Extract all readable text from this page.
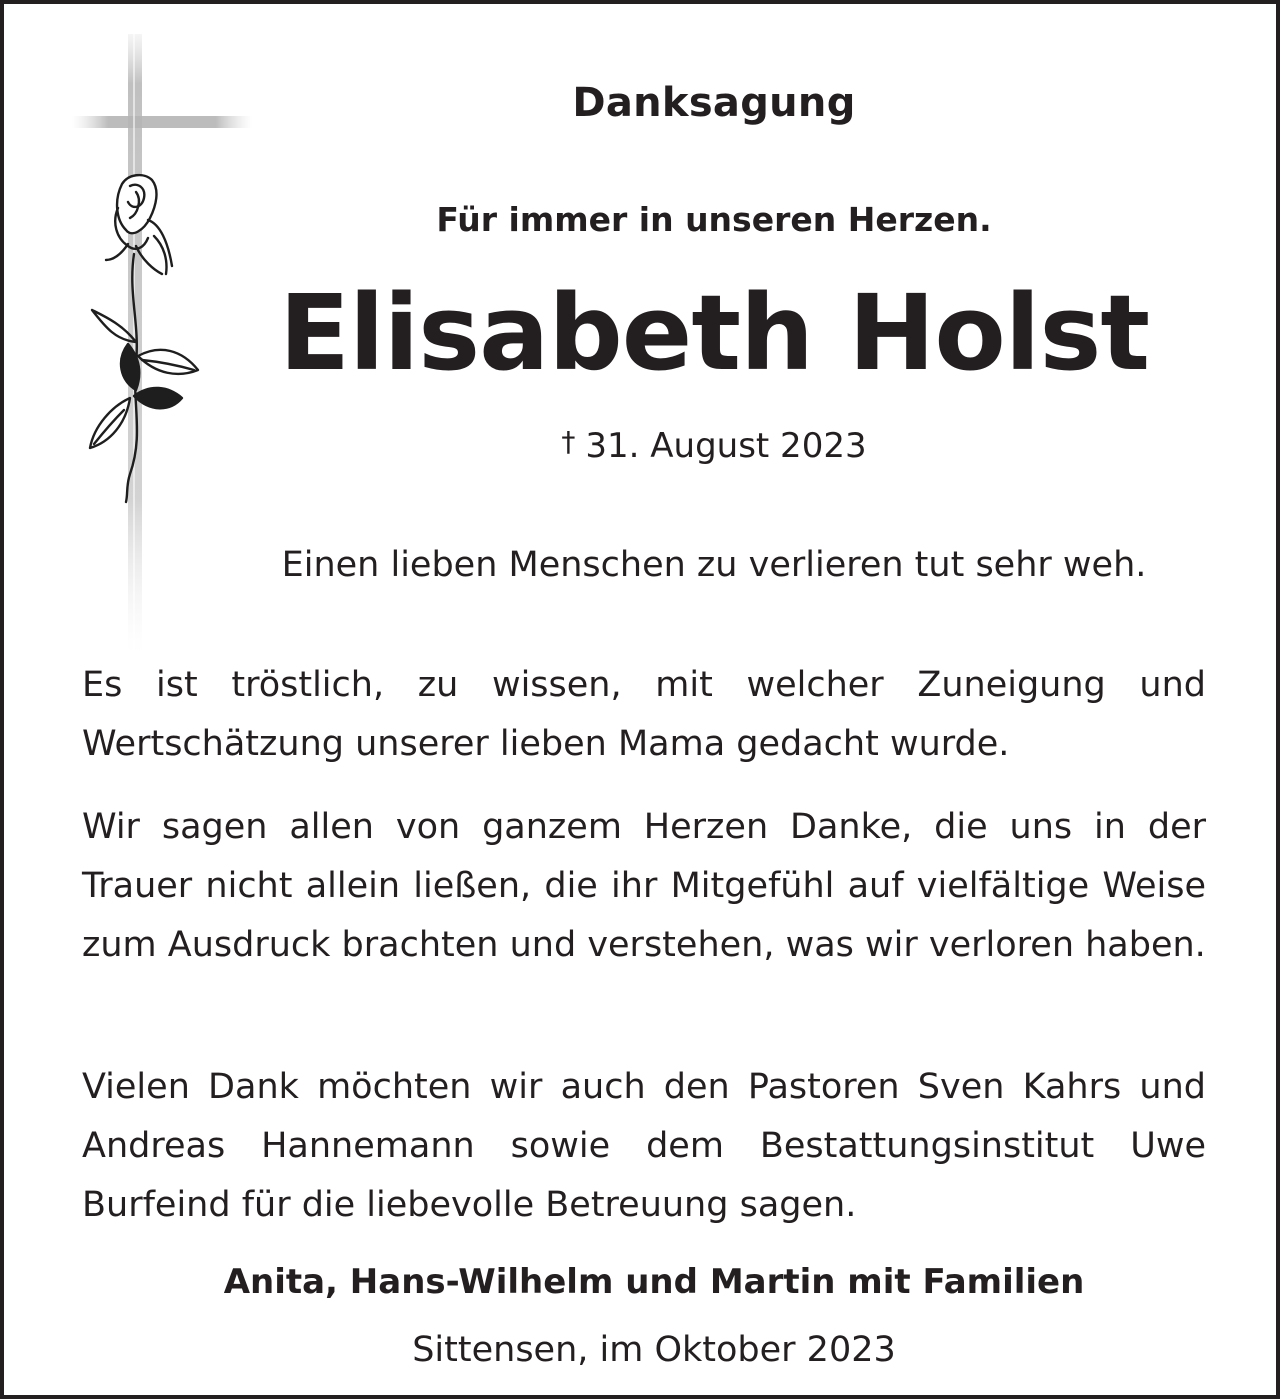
Danksagung
Für immer in unseren Herzen.
Elisabeth Holst
† 31. August 2023
Einen lieben Menschen zu verlieren tut sehr weh.

Es ist tröstlich, zu wissen, mit welcher Zuneigung und Wertschätzung unserer lieben Mama gedacht wurde.

Wir sagen allen von ganzem Herzen Danke, die uns in der Trauer nicht allein ließen, die ihr Mitgefühl auf vielfältige Weise zum Ausdruck brachten und verstehen, was wir verloren haben.

Vielen Dank möchten wir auch den Pastoren Sven Kahrs und Andreas Hannemann sowie dem Bestattungsinstitut Uwe Burfeind für die liebevolle Betreuung sagen.

Anita, Hans-Wilhelm und Martin mit Familien
Sittensen, im Oktober 2023
